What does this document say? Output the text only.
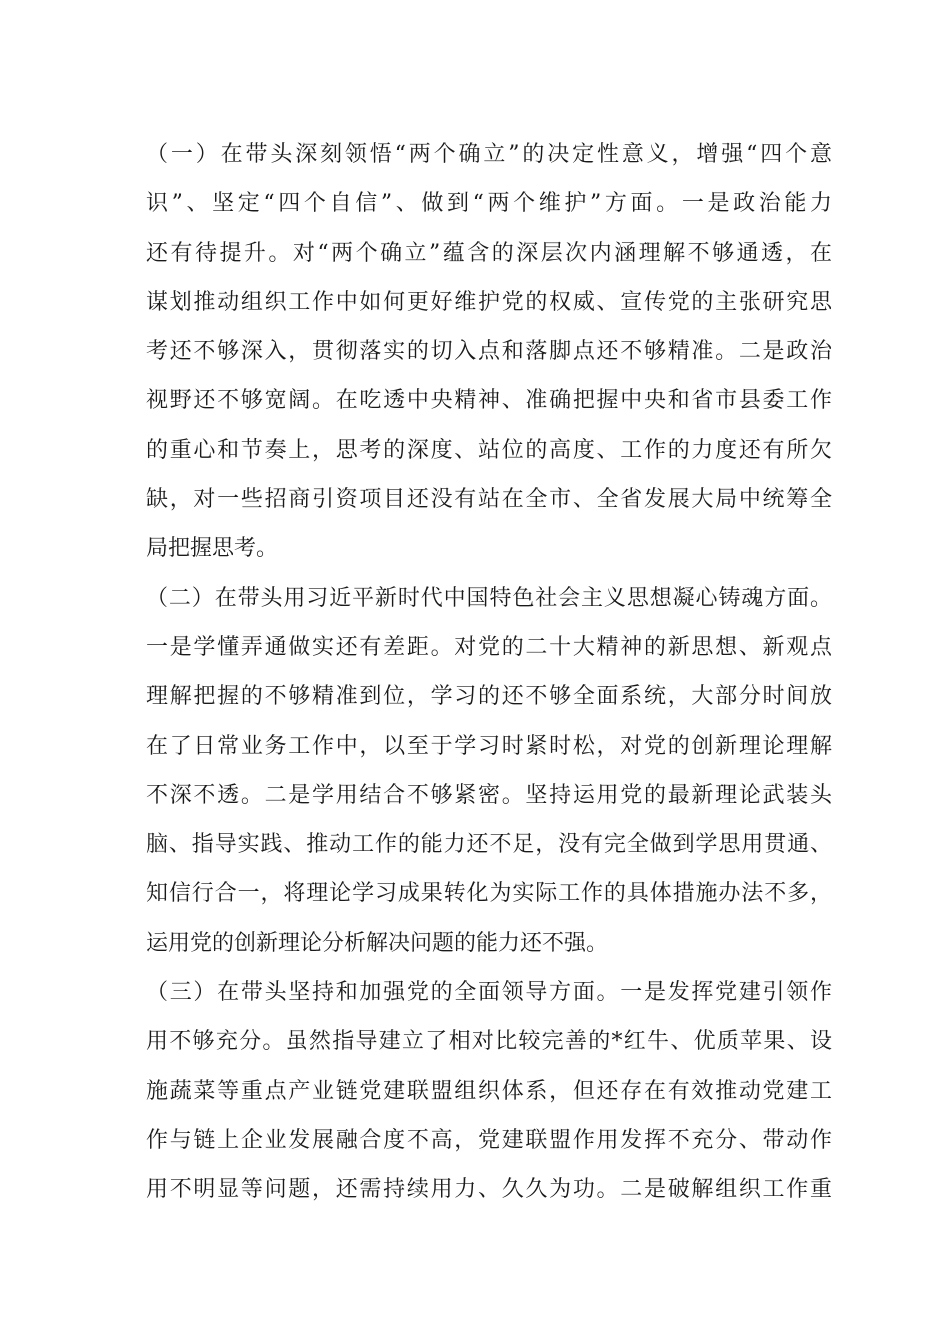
（一）在带头深刻领悟“两个确立”的决定性意义，增强“四个意
识”、坚定“四个自信”、做到“两个维护”方面。一是政治能力
还有待提升。对“两个确立”蕴含的深层次内涵理解不够通透，在
谋划推动组织工作中如何更好维护党的权威、宣传党的主张研究思
考还不够深入，贯彻落实的切入点和落脚点还不够精准。二是政治
视野还不够宽阔。在吃透中央精神、准确把握中央和省市县委工作
的重心和节奏上，思考的深度、站位的高度、工作的力度还有所欠
缺，对一些招商引资项目还没有站在全市、全省发展大局中统筹全
局把握思考。
（二）在带头用习近平新时代中国特色社会主义思想凝心铸魂方面。
一是学懂弄通做实还有差距。对党的二十大精神的新思想、新观点
理解把握的不够精准到位，学习的还不够全面系统，大部分时间放
在了日常业务工作中，以至于学习时紧时松，对党的创新理论理解
不深不透。二是学用结合不够紧密。坚持运用党的最新理论武装头
脑、指导实践、推动工作的能力还不足，没有完全做到学思用贯通、
知信行合一，将理论学习成果转化为实际工作的具体措施办法不多，
运用党的创新理论分析解决问题的能力还不强。
（三）在带头坚持和加强党的全面领导方面。一是发挥党建引领作
用不够充分。虽然指导建立了相对比较完善的*红牛、优质苹果、设
施蔬菜等重点产业链党建联盟组织体系，但还存在有效推动党建工
作与链上企业发展融合度不高，党建联盟作用发挥不充分、带动作
用不明显等问题，还需持续用力、久久为功。二是破解组织工作重
